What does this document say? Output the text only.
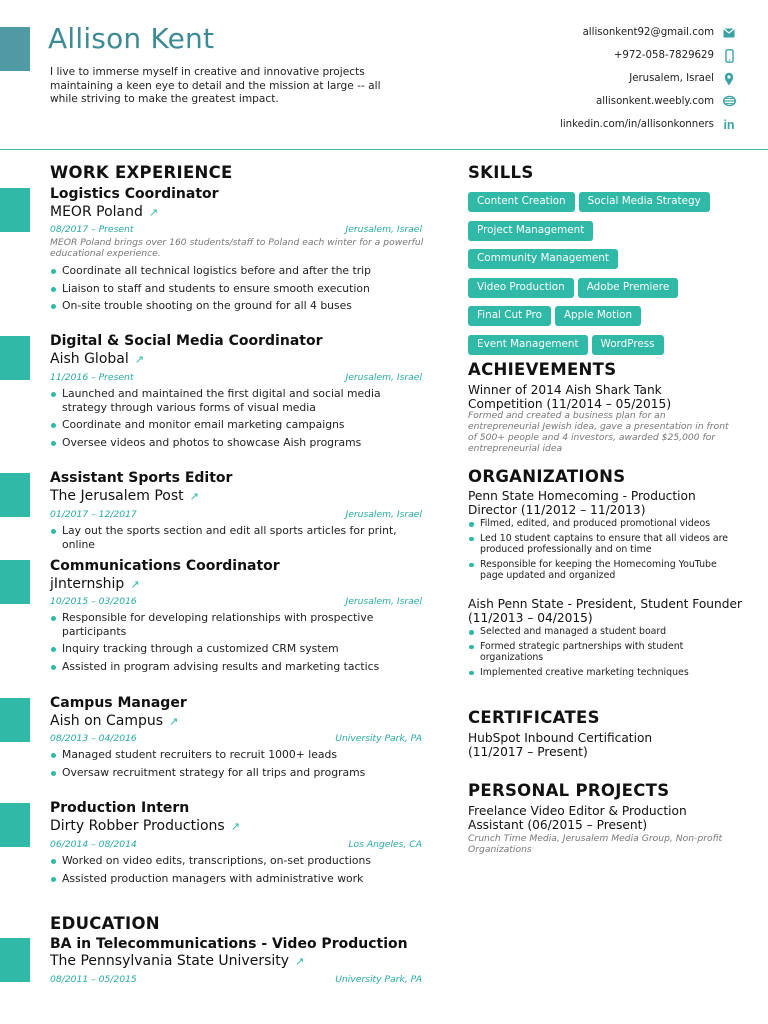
Allison Kent
I live to immerse myself in creative and innovative projects maintaining a keen eye to detail and the mission at large -- all while striving to make the greatest impact.
allisonkent92@gmail.com
+972-058-7829629
Jerusalem, Israel
allisonkent.weebly.com
linkedin.com/in/allisonkonners in
WORK EXPERIENCE
Logistics Coordinator
MEOR Poland ↗
08/2017 – Present	Jerusalem, Israel
MEOR Poland brings over 160 students/staff to Poland each winter for a powerful educational experience.
Coordinate all technical logistics before and after the trip
Liaison to staff and students to ensure smooth execution
On-site trouble shooting on the ground for all 4 buses
Digital & Social Media Coordinator
Aish Global ↗
11/2016 – Present	Jerusalem, Israel
Launched and maintained the first digital and social media strategy through various forms of visual media
Coordinate and monitor email marketing campaigns
Oversee videos and photos to showcase Aish programs
Assistant Sports Editor
The Jerusalem Post ↗
01/2017 – 12/2017	Jerusalem, Israel
Lay out the sports section and edit all sports articles for print, online
Communications Coordinator
jInternship ↗
10/2015 – 03/2016	Jerusalem, Israel
Responsible for developing relationships with prospective participants
Inquiry tracking through a customized CRM system
Assisted in program advising results and marketing tactics
Campus Manager
Aish on Campus ↗
08/2013 – 04/2016	University Park, PA
Managed student recruiters to recruit 1000+ leads
Oversaw recruitment strategy for all trips and programs
Production Intern
Dirty Robber Productions ↗
06/2014 – 08/2014	Los Angeles, CA
Worked on video edits, transcriptions, on-set productions
Assisted production managers with administrative work
EDUCATION
BA in Telecommunications - Video Production
The Pennsylvania State University ↗
08/2011 – 05/2015	University Park, PA
SKILLS
Content Creation Social Media Strategy
Project Management
Community Management
Video Production Adobe Premiere
Final Cut Pro Apple Motion
Event Management WordPress
ACHIEVEMENTS
Winner of 2014 Aish Shark Tank Competition (11/2014 – 05/2015)
Formed and created a business plan for an entrepreneurial Jewish idea, gave a presentation in front of 500+ people and 4 investors, awarded $25,000 for entrepreneurial idea
ORGANIZATIONS
Penn State Homecoming - Production Director (11/2012 – 11/2013)
Filmed, edited, and produced promotional videos
Led 10 student captains to ensure that all videos are produced professionally and on time
Responsible for keeping the Homecoming YouTube page updated and organized
Aish Penn State - President, Student Founder (11/2013 – 04/2015)
Selected and managed a student board
Formed strategic partnerships with student organizations
Implemented creative marketing techniques
CERTIFICATES
HubSpot Inbound Certification (11/2017 – Present)
PERSONAL PROJECTS
Freelance Video Editor & Production Assistant (06/2015 – Present)
Crunch Time Media, Jerusalem Media Group, Non-profit Organizations
